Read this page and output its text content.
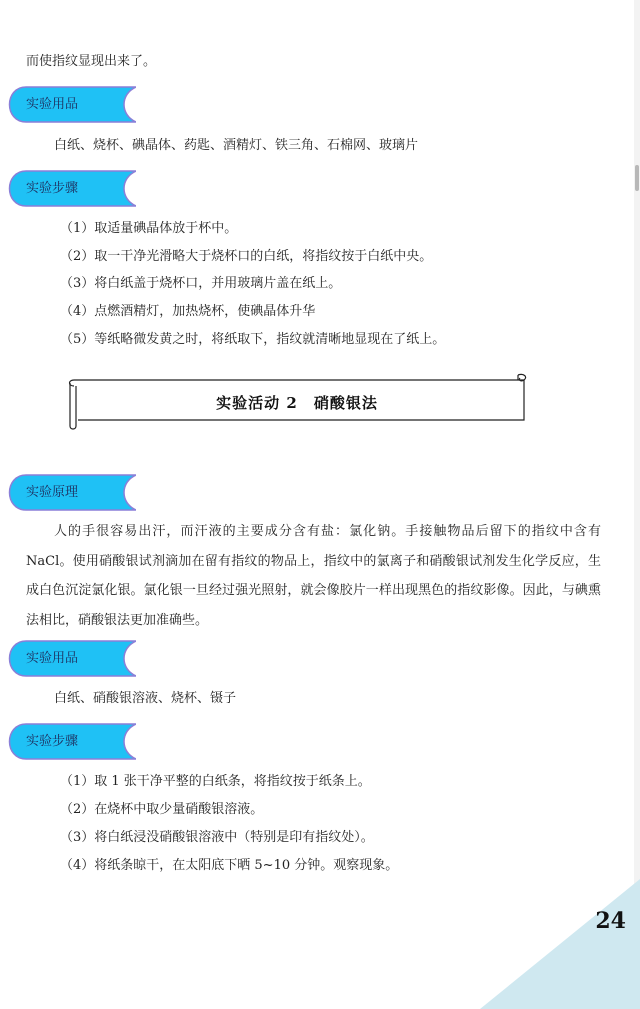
而使指纹显现出来了。
实验用品
白纸、烧杯、碘晶体、药匙、酒精灯、铁三角、石棉网、玻璃片
实验步骤
（1）取适量碘晶体放于杯中。
（2）取一干净光滑略大于烧杯口的白纸，将指纹按于白纸中央。
（3）将白纸盖于烧杯口，并用玻璃片盖在纸上。
（4）点燃酒精灯，加热烧杯，使碘晶体升华
（5）等纸略微发黄之时，将纸取下，指纹就清晰地显现在了纸上。
实验活动 2　硝酸银法
实验原理
人的手很容易出汗，而汗液的主要成分含有盐：氯化钠。手接触物品后留下的指纹中含有 NaCl。使用硝酸银试剂滴加在留有指纹的物品上，指纹中的氯离子和硝酸银试剂发生化学反应，生成白色沉淀氯化银。氯化银一旦经过强光照射，就会像胶片一样出现黑色的指纹影像。因此，与碘熏法相比，硝酸银法更加准确些。
实验用品
白纸、硝酸银溶液、烧杯、镊子
实验步骤
（1）取 1 张干净平整的白纸条，将指纹按于纸条上。
（2）在烧杯中取少量硝酸银溶液。
（3）将白纸浸没硝酸银溶液中（特别是印有指纹处）。
（4）将纸条晾干，在太阳底下晒 5~10 分钟。观察现象。
24
